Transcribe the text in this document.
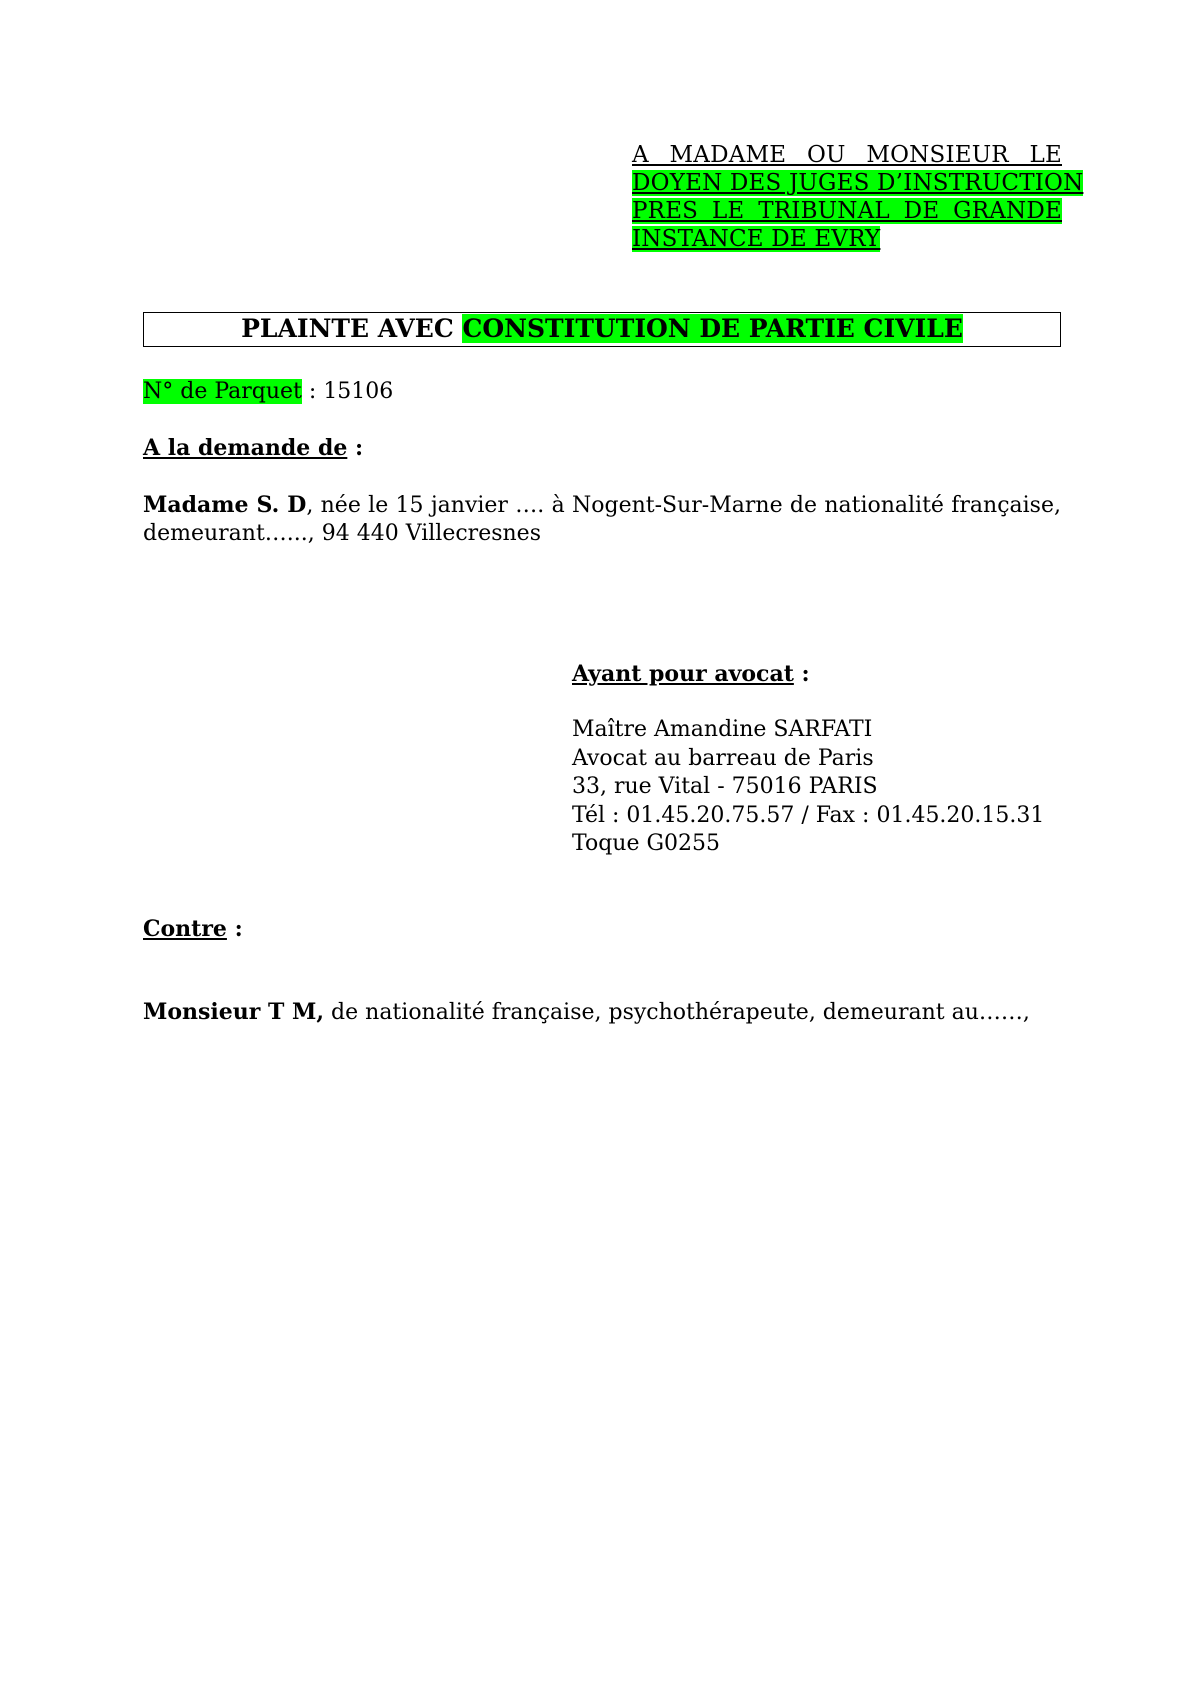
A MADAME OU MONSIEUR LE
DOYEN DES JUGES D’INSTRUCTION
PRES LE TRIBUNAL DE GRANDE
INSTANCE DE EVRY
PLAINTE AVEC CONSTITUTION DE PARTIE CIVILE
N° de Parquet : 15106
A la demande de :
Madame S. D, née le 15 janvier …. à Nogent-Sur-Marne de nationalité française, demeurant…..., 94 440 Villecresnes
Ayant pour avocat :
Maître Amandine SARFATI
Avocat au barreau de Paris
33, rue Vital - 75016 PARIS
Tél : 01.45.20.75.57 / Fax : 01.45.20.15.31
Toque G0255
Contre :
Monsieur T M, de nationalité française, psychothérapeute, demeurant au……,
